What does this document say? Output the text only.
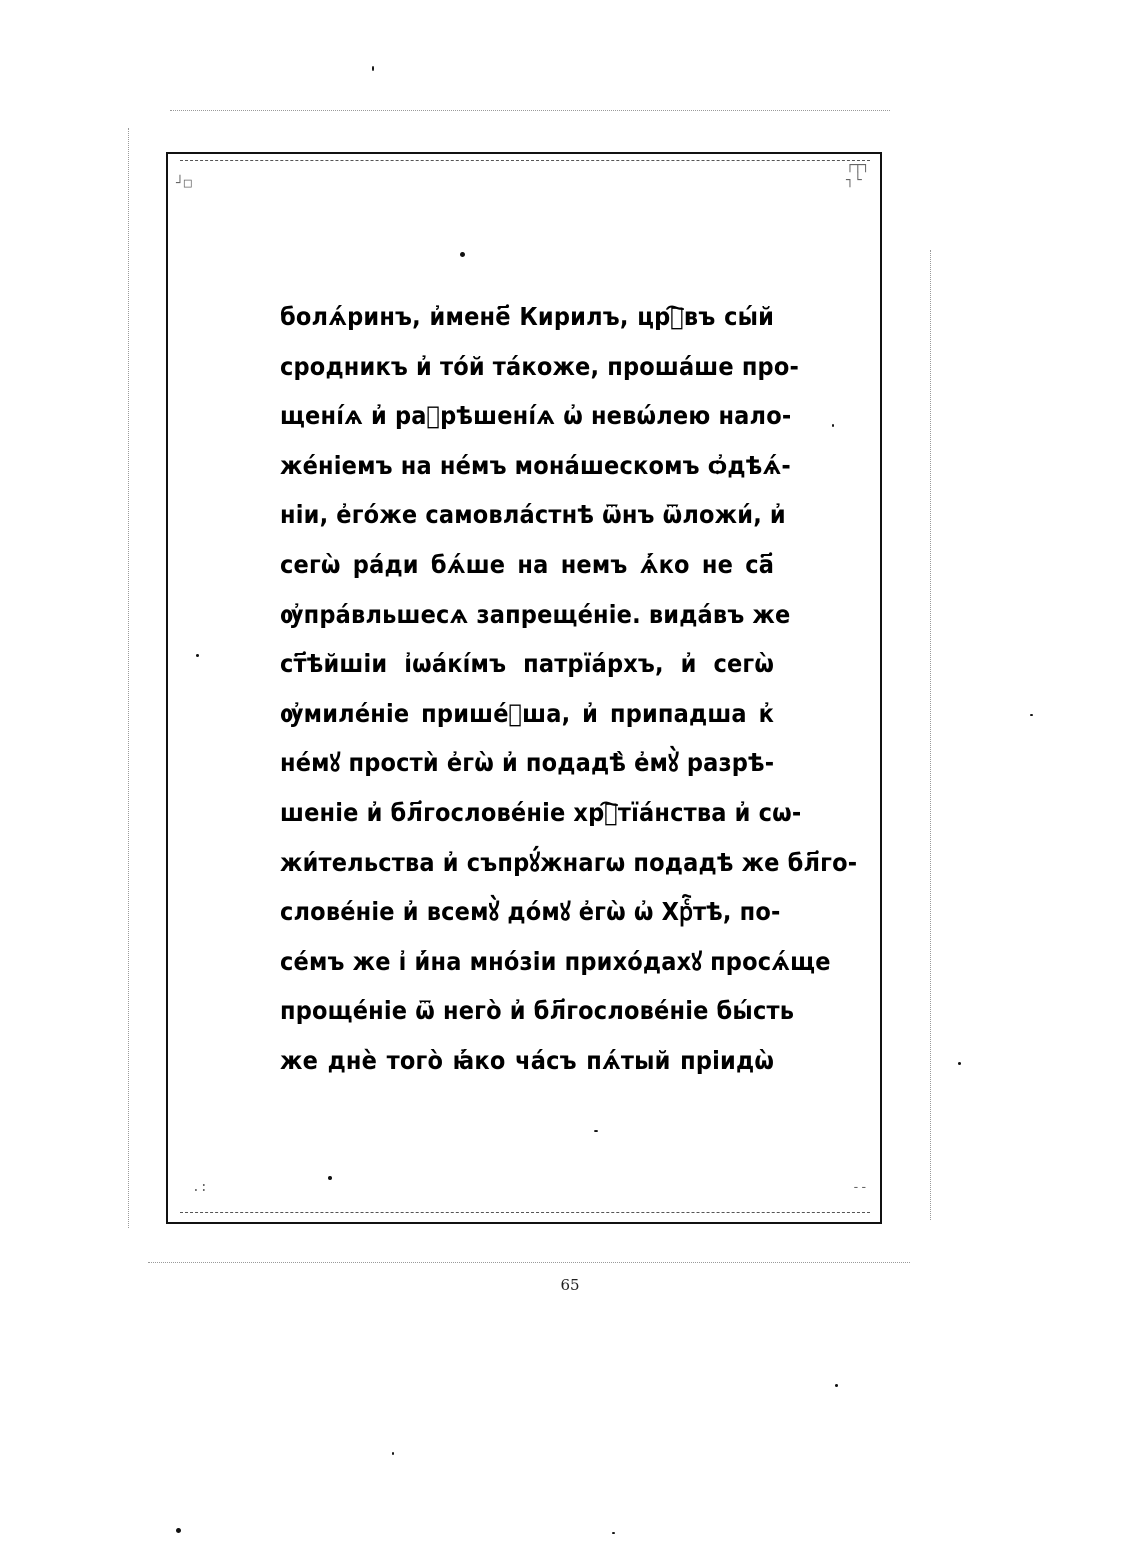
┘□
┌┬┐
┐└
.:	--
болѧ́ринъ, и҆мене҃ Кирилъ, црⷭ҇въ сы́й
сродникъ и҆ то́й та́коже, проша́ше про-
щені́ѧ и҆ раⷥрѣшені́ѧ ѡ҆ невѡ́лею нало-
же́ніемъ на не́мъ мона́шескомъ ѻ҆дѣѧ́-
ніи, е҆го́же самовла́стнѣ ѿнъ ѿложи́, и҆
сегѡ̀ ра́ди бѧ́ше на немъ ѧ҆́ко не са҃
ѹ҆пра́вльшесѧ запреще́ніе. вида́въ же
ст҃ѣйшіи і҆ѡа́кі́мъ патрїа́рхъ, и҆ сегѡ̀
ѹ҆миле́ніе прише́ⷣша, и҆ припадша к҆
не́мꙋ простѝ е҆гѡ̀ и҆ подадѣ̀ е҆мꙋ̀ разрѣ-
шеніе и҆ бл҃гослове́ніе хрⷭ҇тїа́нства и҆ сѡ-
жи́тельства и҆ съпрꙋ́жнагѡ подадѣ же бл҃го-
слове́ніе и҆ всемꙋ̀ до́мꙋ е҆гѡ̀ ѡ҆ Хрⷭ҇тѣ, по-
се́мъ же і҆ и҆́на мно́зіи прихо́дахꙋ просѧ́ще
проще́ніе ѿ него̀ и҆ бл҃гослове́ніе бы́сть
же днѐ того̀ ꙗ҆́ко ча́съ пѧ́тый пріидѡ̀
65
